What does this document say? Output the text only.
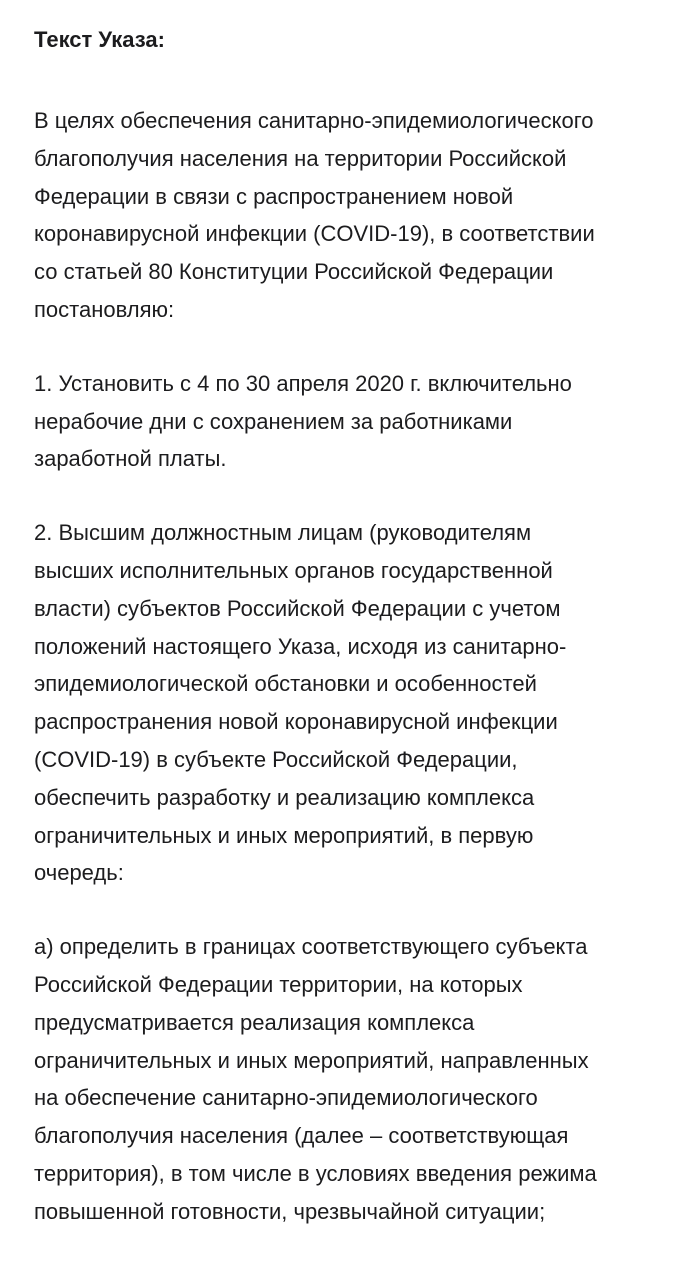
Текст Указа:
В целях обеспечения санитарно-эпидемиологического
благополучия населения на территории Российской
Федерации в связи с распространением новой
коронавирусной инфекции (COVID-19), в соответствии
со статьей 80 Конституции Российской Федерации
постановляю:
1. Установить с 4 по 30 апреля 2020 г. включительно
нерабочие дни с сохранением за работниками
заработной платы.
2. Высшим должностным лицам (руководителям
высших исполнительных органов государственной
власти) субъектов Российской Федерации с учетом
положений настоящего Указа, исходя из санитарно-
эпидемиологической обстановки и особенностей
распространения новой коронавирусной инфекции
(COVID-19) в субъекте Российской Федерации,
обеспечить разработку и реализацию комплекса
ограничительных и иных мероприятий, в первую
очередь:
а) определить в границах соответствующего субъекта
Российской Федерации территории, на которых
предусматривается реализация комплекса
ограничительных и иных мероприятий, направленных
на обеспечение санитарно-эпидемиологического
благополучия населения (далее – соответствующая
территория), в том числе в условиях введения режима
повышенной готовности, чрезвычайной ситуации;
